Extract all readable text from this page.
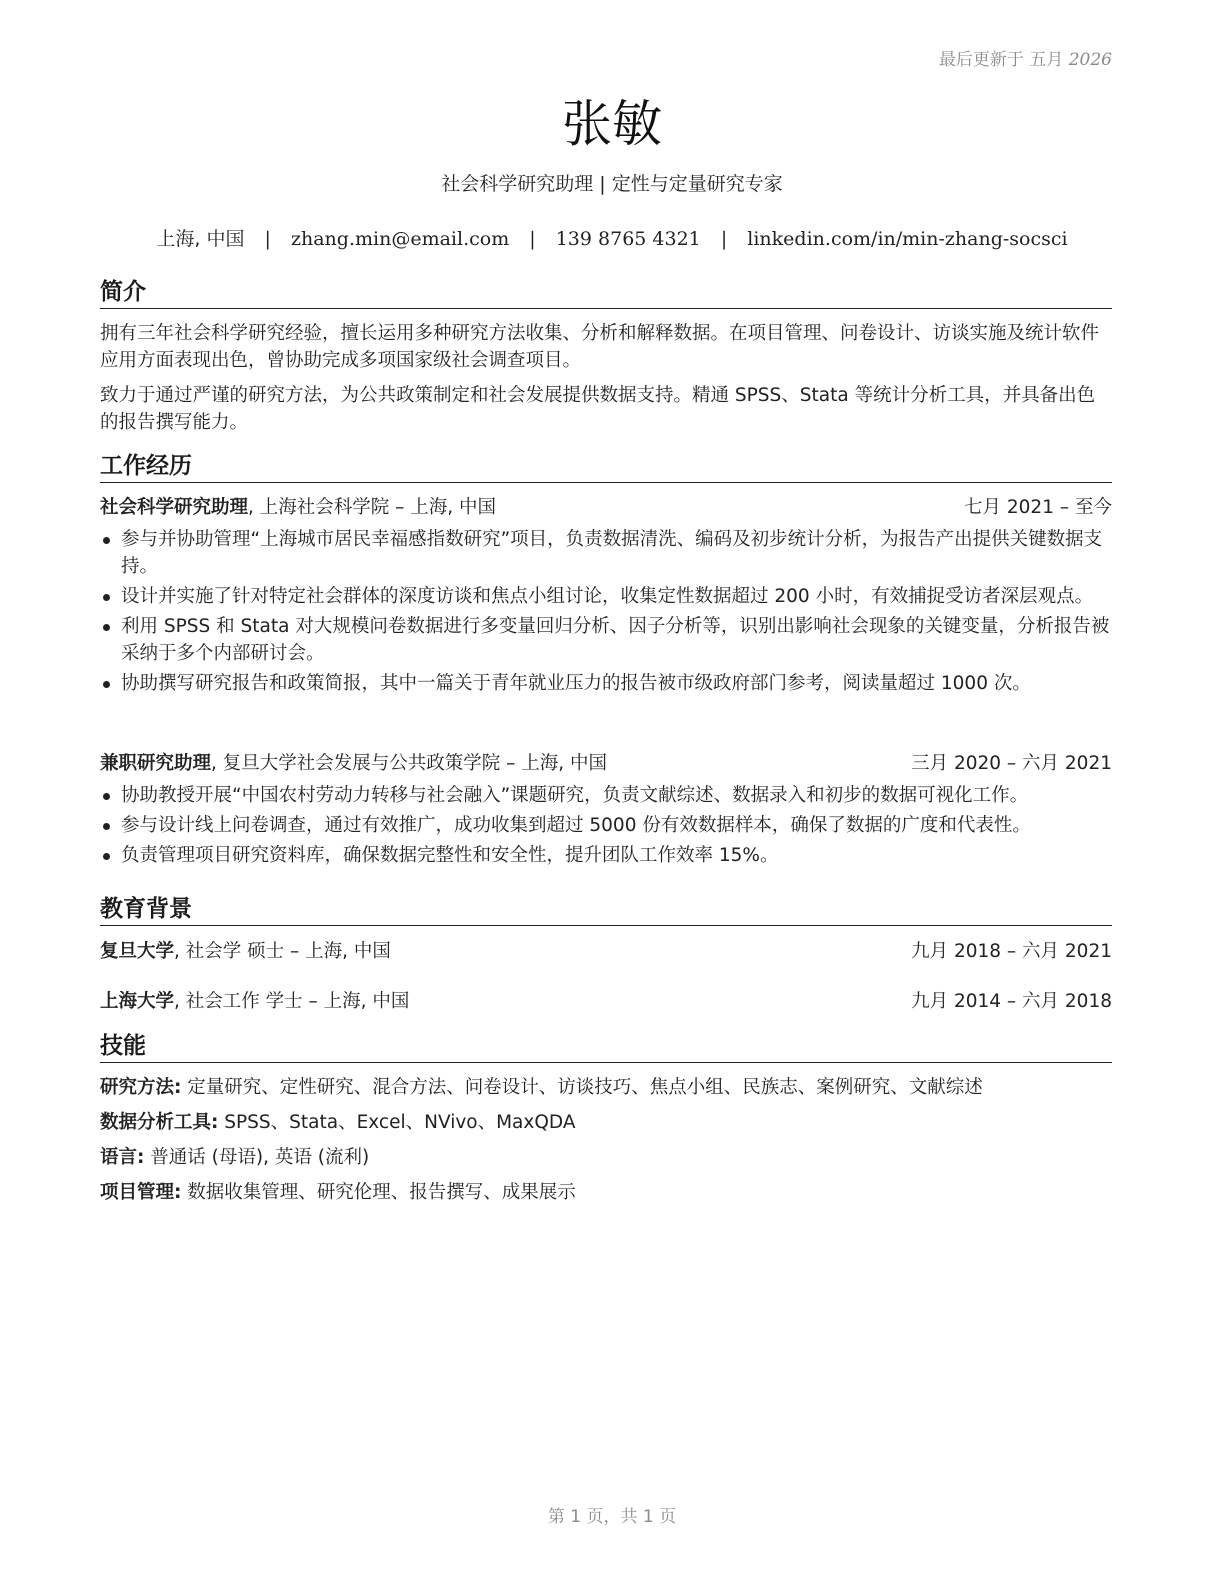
最后更新于 五月 2026
张敏
社会科学研究助理 | 定性与定量研究专家
上海, 中国 | zhang.min@email.com | 139 8765 4321 | linkedin.com/in/min-zhang-socsci
简介
拥有三年社会科学研究经验，擅长运用多种研究方法收集、分析和解释数据。在项目管理、问卷设计、访谈实施及统计软件应用方面表现出色，曾协助完成多项国家级社会调查项目。
致力于通过严谨的研究方法，为公共政策制定和社会发展提供数据支持。精通 SPSS、Stata 等统计分析工具，并具备出色的报告撰写能力。
工作经历
社会科学研究助理, 上海社会科学院 – 上海, 中国	七月 2021 – 至今
参与并协助管理“上海城市居民幸福感指数研究”项目，负责数据清洗、编码及初步统计分析，为报告产出提供关键数据支持。
设计并实施了针对特定社会群体的深度访谈和焦点小组讨论，收集定性数据超过 200 小时，有效捕捉受访者深层观点。
利用 SPSS 和 Stata 对大规模问卷数据进行多变量回归分析、因子分析等，识别出影响社会现象的关键变量，分析报告被采纳于多个内部研讨会。
协助撰写研究报告和政策简报，其中一篇关于青年就业压力的报告被市级政府部门参考，阅读量超过 1000 次。
兼职研究助理, 复旦大学社会发展与公共政策学院 – 上海, 中国	三月 2020 – 六月 2021
协助教授开展“中国农村劳动力转移与社会融入”课题研究，负责文献综述、数据录入和初步的数据可视化工作。
参与设计线上问卷调查，通过有效推广，成功收集到超过 5000 份有效数据样本，确保了数据的广度和代表性。
负责管理项目研究资料库，确保数据完整性和安全性，提升团队工作效率 15%。
教育背景
复旦大学, 社会学 硕士 – 上海, 中国	九月 2018 – 六月 2021
上海大学, 社会工作 学士 – 上海, 中国	九月 2014 – 六月 2018
技能
研究方法: 定量研究、定性研究、混合方法、问卷设计、访谈技巧、焦点小组、民族志、案例研究、文献综述
数据分析工具: SPSS、Stata、Excel、NVivo、MaxQDA
语言: 普通话 (母语), 英语 (流利)
项目管理: 数据收集管理、研究伦理、报告撰写、成果展示
第 1 页，共 1 页
